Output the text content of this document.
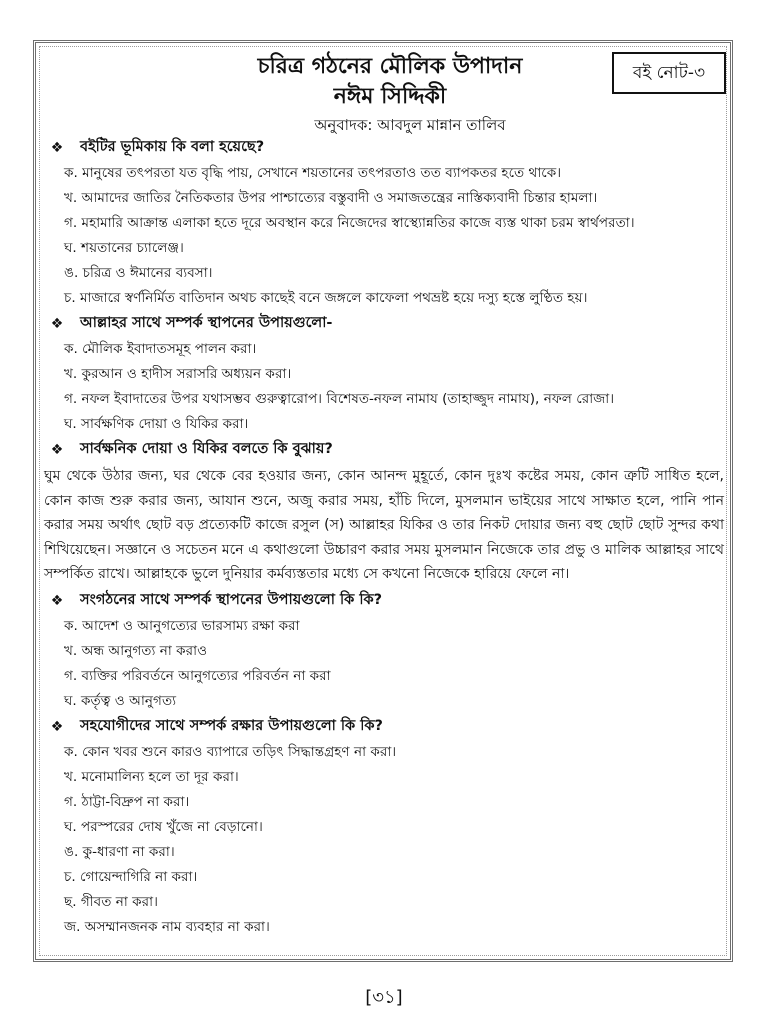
চরিত্র গঠনের মৌলিক উপাদান
নঈম সিদ্দিকী
বই নোট-৩
অনুবাদক: আবদুল মান্নান তালিব
❖	বইটির ভূমিকায় কি বলা হয়েছে?
ক. মানুষের তৎপরতা যত বৃদ্ধি পায়, সেখানে শয়তানের তৎপরতাও তত ব্যাপকতর হতে থাকে।
খ. আমাদের জাতির নৈতিকতার উপর পাশ্চাত্যের বস্তুবাদী ও সমাজতন্ত্রের নাস্তিক্যবাদী চিন্তার হামলা।
গ. মহামারি আক্রান্ত এলাকা হতে দূরে অবস্থান করে নিজেদের স্বাস্থ্যোন্নতির কাজে ব্যস্ত থাকা চরম স্বার্থপরতা।
ঘ. শয়তানের চ্যালেঞ্জ।
ঙ. চরিত্র ও ঈমানের ব্যবসা।
চ. মাজারে স্বর্ণনির্মিত বাতিদান অথচ কাছেই বনে জঙ্গলে কাফেলা পথভ্রষ্ট হয়ে দস্যু হস্তে লুণ্ঠিত হয়।
❖	আল্লাহর সাথে সম্পর্ক স্থাপনের উপায়গুলো-
ক. মৌলিক ইবাদাতসমূহ পালন করা।
খ. কুরআন ও হাদীস সরাসরি অধ্যয়ন করা।
গ. নফল ইবাদাতের উপর যথাসম্ভব গুরুত্বারোপ। বিশেষত-নফল নামায (তাহাজ্জুদ নামায), নফল রোজা।
ঘ. সার্বক্ষণিক দোয়া ও যিকির করা।
❖	সার্বক্ষনিক দোয়া ও যিকির বলতে কি বুঝায়?
ঘুম থেকে উঠার জন্য, ঘর থেকে বের হওয়ার জন্য, কোন আনন্দ মুহূর্তে, কোন দুঃখ কষ্টের সময়, কোন ত্রুটি সাধিত হলে, কোন কাজ শুরু করার জন্য, আযান শুনে, অজু করার সময়, হাঁচি দিলে, মুসলমান ভাইয়ের সাথে সাক্ষাত হলে, পানি পান করার সময় অর্থাৎ ছোট বড় প্রত্যেকটি কাজে রসুল (স) আল্লাহর যিকির ও তার নিকট দোয়ার জন্য বহু ছোট ছোট সুন্দর কথা শিখিয়েছেন। সজ্ঞানে ও সচেতন মনে এ কথাগুলো উচ্চারণ করার সময় মুসলমান নিজেকে তার প্রভু ও মালিক আল্লাহর সাথে সম্পর্কিত রাখে। আল্লাহকে ভুলে দুনিয়ার কর্মব্যস্ততার মধ্যে সে কখনো নিজেকে হারিয়ে ফেলে না।
❖	সংগঠনের সাথে সম্পর্ক স্থাপনের উপায়গুলো কি কি?
ক. আদেশ ও আনুগত্যের ভারসাম্য রক্ষা করা
খ. অন্ধ আনুগত্য না করাও
গ. ব্যক্তির পরিবর্তনে আনুগত্যের পরিবর্তন না করা
ঘ. কর্তৃত্ব ও আনুগত্য
❖	সহযোগীদের সাথে সম্পর্ক রক্ষার উপায়গুলো কি কি?
ক. কোন খবর শুনে কারও ব্যাপারে তড়িৎ সিদ্ধান্তগ্রহণ না করা।
খ. মনোমালিন্য হলে তা দূর করা।
গ. ঠাট্টা-বিদ্রুপ না করা।
ঘ. পরস্পরের দোষ খুঁজে না বেড়ানো।
ঙ. কু-ধারণা না করা।
চ. গোয়েন্দাগিরি না করা।
ছ. গীবত না করা।
জ. অসম্মানজনক নাম ব্যবহার না করা।
[৩১]
